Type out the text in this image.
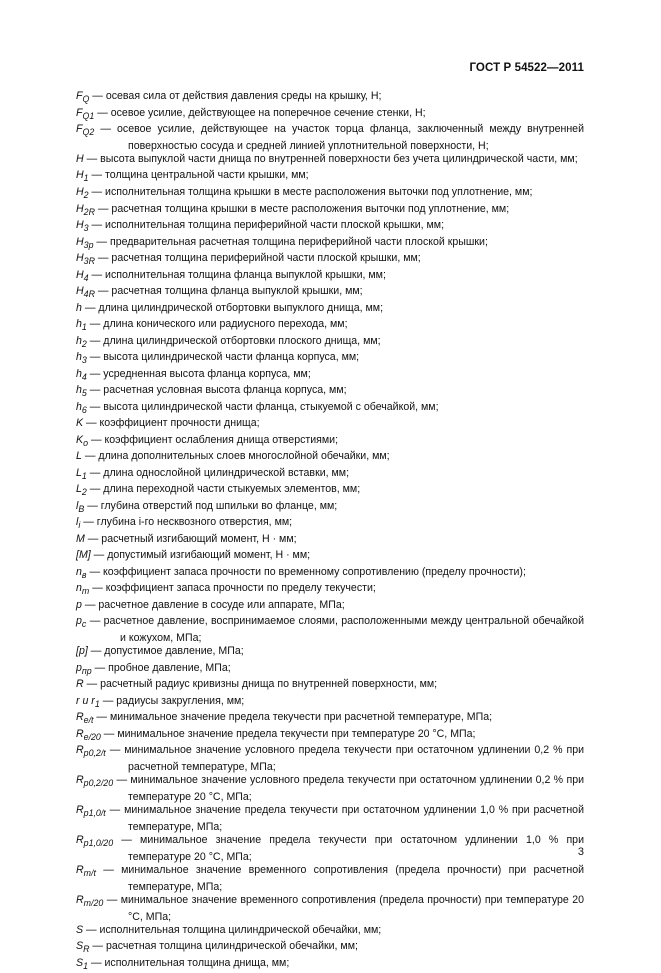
ГОСТ Р 54522—2011
$F_Q$ — осевая сила от действия давления среды на крышку, Н;
$F_{Q1}$ — осевое усилие, действующее на поперечное сечение стенки, Н;
$F_{Q2}$ — осевое усилие, действующее на участок торца фланца, заключенный между внутренней поверхностью сосуда и средней линией уплотнительной поверхности, Н;
H — высота выпуклой части днища по внутренней поверхности без учета цилиндрической части, мм;
$H_1$ — толщина центральной части крышки, мм;
$H_2$ — исполнительная толщина крышки в месте расположения выточки под уплотнение, мм;
$H_{2R}$ — расчетная толщина крышки в месте расположения выточки под уплотнение, мм;
$H_3$ — исполнительная толщина периферийной части плоской крышки, мм;
$H_{3р}$ — предварительная расчетная толщина периферийной части плоской крышки;
$H_{3R}$ — расчетная толщина периферийной части плоской крышки, мм;
$H_4$ — исполнительная толщина фланца выпуклой крышки, мм;
$H_{4R}$ — расчетная толщина фланца выпуклой крышки, мм;
h — длина цилиндрической отбортовки выпуклого днища, мм;
$h_1$ — длина конического или радиусного перехода, мм;
$h_2$ — длина цилиндрической отбортовки плоского днища, мм;
$h_3$ — высота цилиндрической части фланца корпуса, мм;
$h_4$ — усредненная высота фланца корпуса, мм;
$h_5$ — расчетная условная высота фланца корпуса, мм;
$h_6$ — высота цилиндрической части фланца, стыкуемой с обечайкой, мм;
K — коэффициент прочности днища;
$K_о$ — коэффициент ослабления днища отверстиями;
L — длина дополнительных слоев многослойной обечайки, мм;
$L_1$ — длина однослойной цилиндрической вставки, мм;
$L_2$ — длина переходной части стыкуемых элементов, мм;
$l_B$ — глубина отверстий под шпильки во фланце, мм;
$l_i$ — глубина i-го несквозного отверстия, мм;
M — расчетный изгибающий момент, Н · мм;
[M] — допустимый изгибающий момент, Н · мм;
$n_в$ — коэффициент запаса прочности по временному сопротивлению (пределу прочности);
$n_т$ — коэффициент запаса прочности по пределу текучести;
p — расчетное давление в сосуде или аппарате, МПа;
$p_с$ — расчетное давление, воспринимаемое слоями, расположенными между центральной обечайкой и кожухом, МПа;
[p] — допустимое давление, МПа;
$p_{пр}$ — пробное давление, МПа;
R — расчетный радиус кривизны днища по внутренней поверхности, мм;
r и $r_1$ — радиусы закругления, мм;
$R_{e/t}$ — минимальное значение предела текучести при расчетной температуре, МПа;
$R_{e/20}$ — минимальное значение предела текучести при температуре 20 °С, МПа;
$R_{p0,2/t}$ — минимальное значение условного предела текучести при остаточном удлинении 0,2 % при расчетной температуре, МПа;
$R_{p0,2/20}$ — минимальное значение условного предела текучести при остаточном удлинении 0,2 % при температуре 20 °С, МПа;
$R_{p1,0/t}$ — минимальное значение предела текучести при остаточном удлинении 1,0 % при расчетной температуре, МПа;
$R_{p1,0/20}$ — минимальное значение предела текучести при остаточном удлинении 1,0 % при температуре 20 °С, МПа;
$R_{m/t}$ — минимальное значение временного сопротивления (предела прочности) при расчетной температуре, МПа;
$R_{m/20}$ — минимальное значение временного сопротивления (предела прочности) при температуре 20 °С, МПа;
S — исполнительная толщина цилиндрической обечайки, мм;
$S_R$ — расчетная толщина цилиндрической обечайки, мм;
$S_1$ — исполнительная толщина днища, мм;
3
